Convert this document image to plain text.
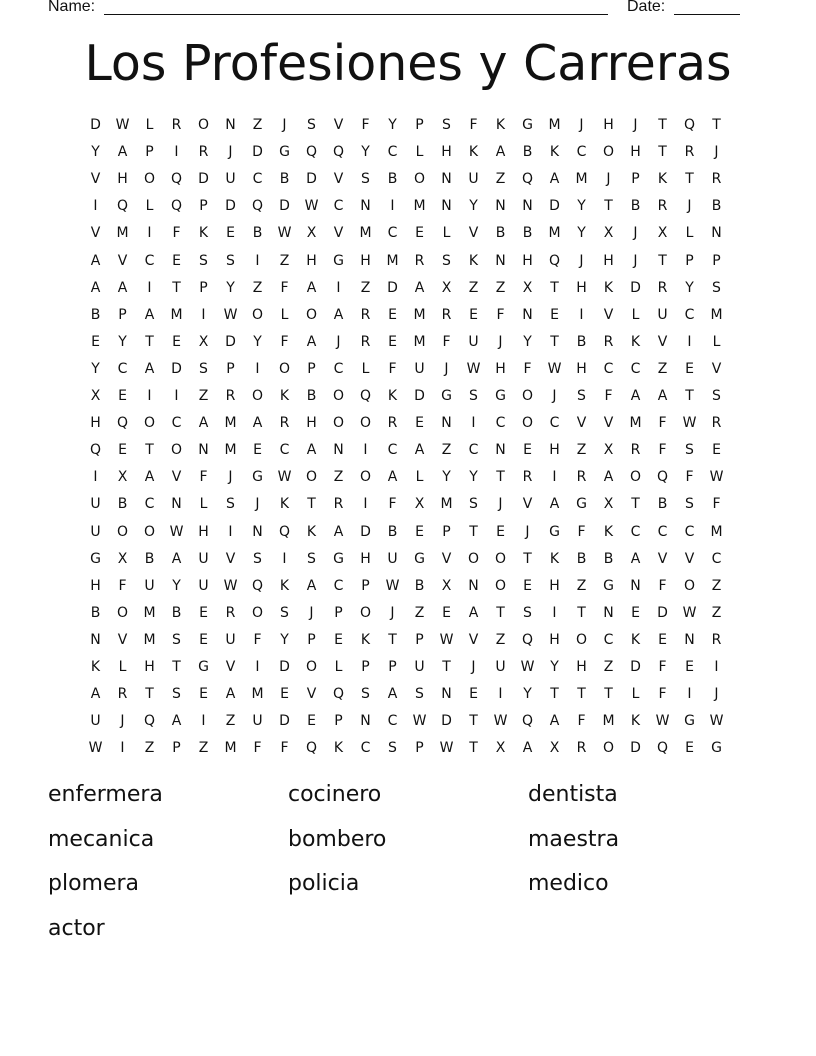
Name:	Date:
Los Profesiones y Carreras
D	W	L	R	O	N	Z	J	S	V	F	Y	P	S	F	K	G	M	J	H	J	T	Q	T
Y	A	P	I	R	J	D	G	Q	Q	Y	C	L	H	K	A	B	K	C	O	H	T	R	J
V	H	O	Q	D	U	C	B	D	V	S	B	O	N	U	Z	Q	A	M	J	P	K	T	R
I	Q	L	Q	P	D	Q	D	W	C	N	I	M	N	Y	N	N	D	Y	T	B	R	J	B
V	M	I	F	K	E	B	W	X	V	M	C	E	L	V	B	B	M	Y	X	J	X	L	N
A	V	C	E	S	S	I	Z	H	G	H	M	R	S	K	N	H	Q	J	H	J	T	P	P
A	A	I	T	P	Y	Z	F	A	I	Z	D	A	X	Z	Z	X	T	H	K	D	R	Y	S
B	P	A	M	I	W	O	L	O	A	R	E	M	R	E	F	N	E	I	V	L	U	C	M
E	Y	T	E	X	D	Y	F	A	J	R	E	M	F	U	J	Y	T	B	R	K	V	I	L
Y	C	A	D	S	P	I	O	P	C	L	F	U	J	W	H	F	W	H	C	C	Z	E	V
X	E	I	I	Z	R	O	K	B	O	Q	K	D	G	S	G	O	J	S	F	A	A	T	S
H	Q	O	C	A	M	A	R	H	O	O	R	E	N	I	C	O	C	V	V	M	F	W	R
Q	E	T	O	N	M	E	C	A	N	I	C	A	Z	C	N	E	H	Z	X	R	F	S	E
I	X	A	V	F	J	G	W	O	Z	O	A	L	Y	Y	T	R	I	R	A	O	Q	F	W
U	B	C	N	L	S	J	K	T	R	I	F	X	M	S	J	V	A	G	X	T	B	S	F
U	O	O	W	H	I	N	Q	K	A	D	B	E	P	T	E	J	G	F	K	C	C	C	M
G	X	B	A	U	V	S	I	S	G	H	U	G	V	O	O	T	K	B	B	A	V	V	C
H	F	U	Y	U	W	Q	K	A	C	P	W	B	X	N	O	E	H	Z	G	N	F	O	Z
B	O	M	B	E	R	O	S	J	P	O	J	Z	E	A	T	S	I	T	N	E	D	W	Z
N	V	M	S	E	U	F	Y	P	E	K	T	P	W	V	Z	Q	H	O	C	K	E	N	R
K	L	H	T	G	V	I	D	O	L	P	P	U	T	J	U	W	Y	H	Z	D	F	E	I
A	R	T	S	E	A	M	E	V	Q	S	A	S	N	E	I	Y	T	T	T	L	F	I	J
U	J	Q	A	I	Z	U	D	E	P	N	C	W	D	T	W	Q	A	F	M	K	W	G	W
W	I	Z	P	Z	M	F	F	Q	K	C	S	P	W	T	X	A	X	R	O	D	Q	E	G
enfermera	cocinero	dentista
mecanica	bombero	maestra
plomera	policia	medico
actor
